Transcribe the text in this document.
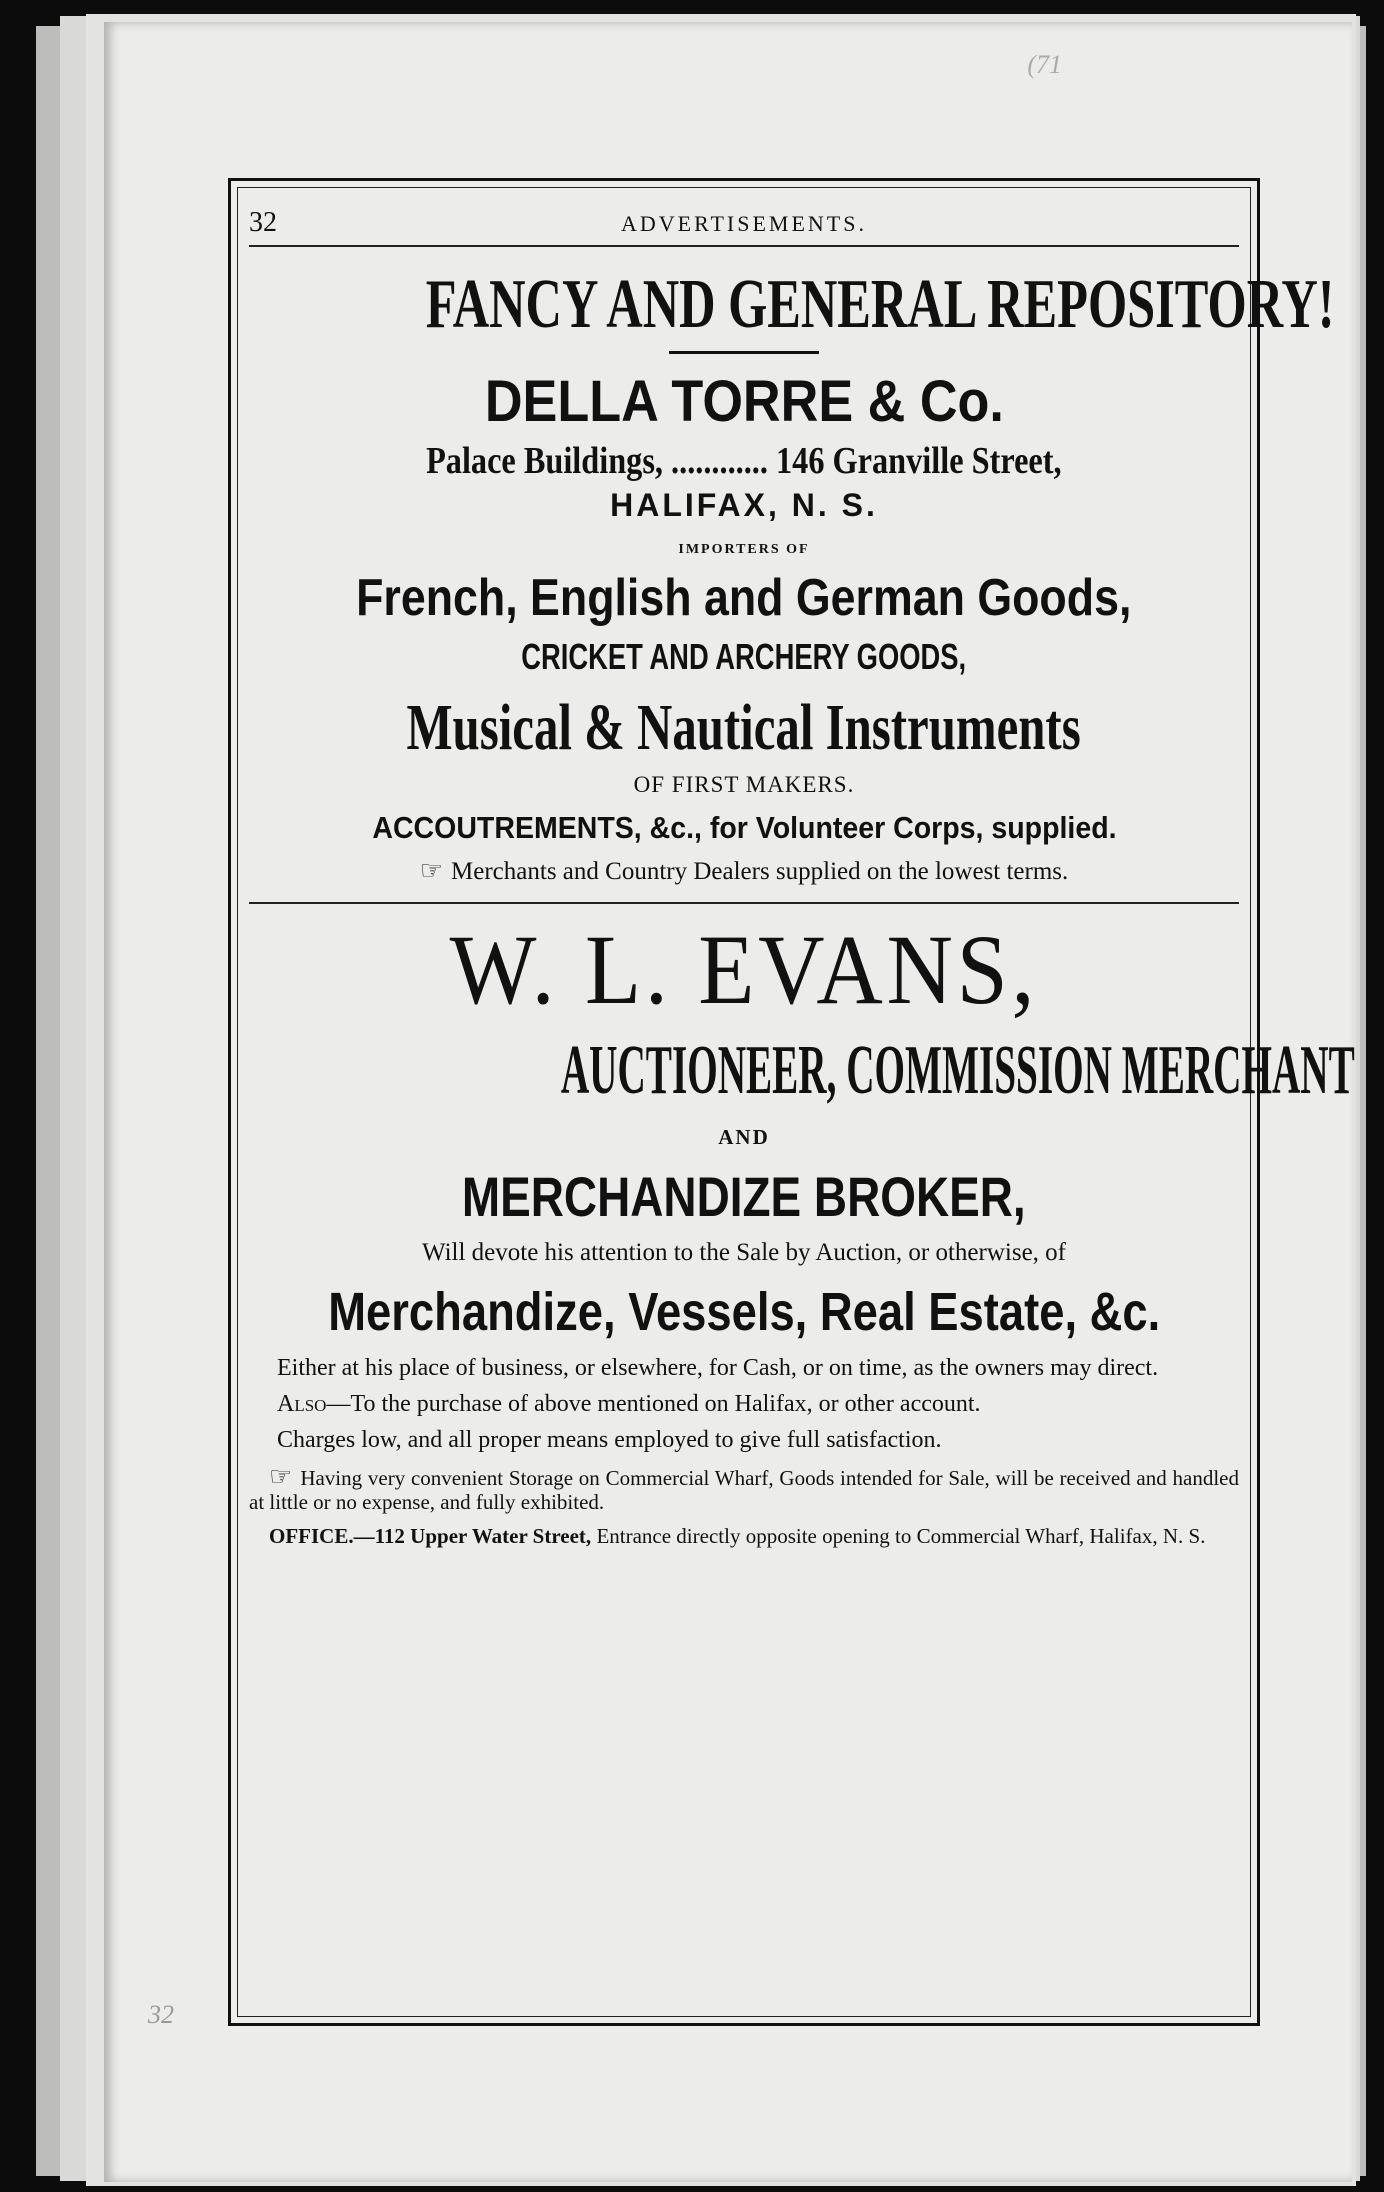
(71
32
32	ADVERTISEMENTS.
FANCY AND GENERAL REPOSITORY!
DELLA TORRE & Co.
Palace Buildings, ............ 146 Granville Street,
HALIFAX, N. S.
IMPORTERS OF
French, English and German Goods,
CRICKET AND ARCHERY GOODS,
Musical & Nautical Instruments
OF FIRST MAKERS.
ACCOUTREMENTS, &c., for Volunteer Corps, supplied.
☞ Merchants and Country Dealers supplied on the lowest terms.
W. L. EVANS,
AUCTIONEER, COMMISSION MERCHANT
AND
MERCHANDIZE BROKER,
Will devote his attention to the Sale by Auction, or otherwise, of
Merchandize, Vessels, Real Estate, &c.
Either at his place of business, or elsewhere, for Cash, or on time, as the owners may direct.
Also—To the purchase of above mentioned on Halifax, or other account.
Charges low, and all proper means employed to give full satisfaction.
☞ Having very convenient Storage on Commercial Wharf, Goods intended for Sale, will be received and handled at little or no expense, and fully exhibited.
OFFICE.—112 Upper Water Street, Entrance directly opposite opening to Commercial Wharf, Halifax, N. S.
